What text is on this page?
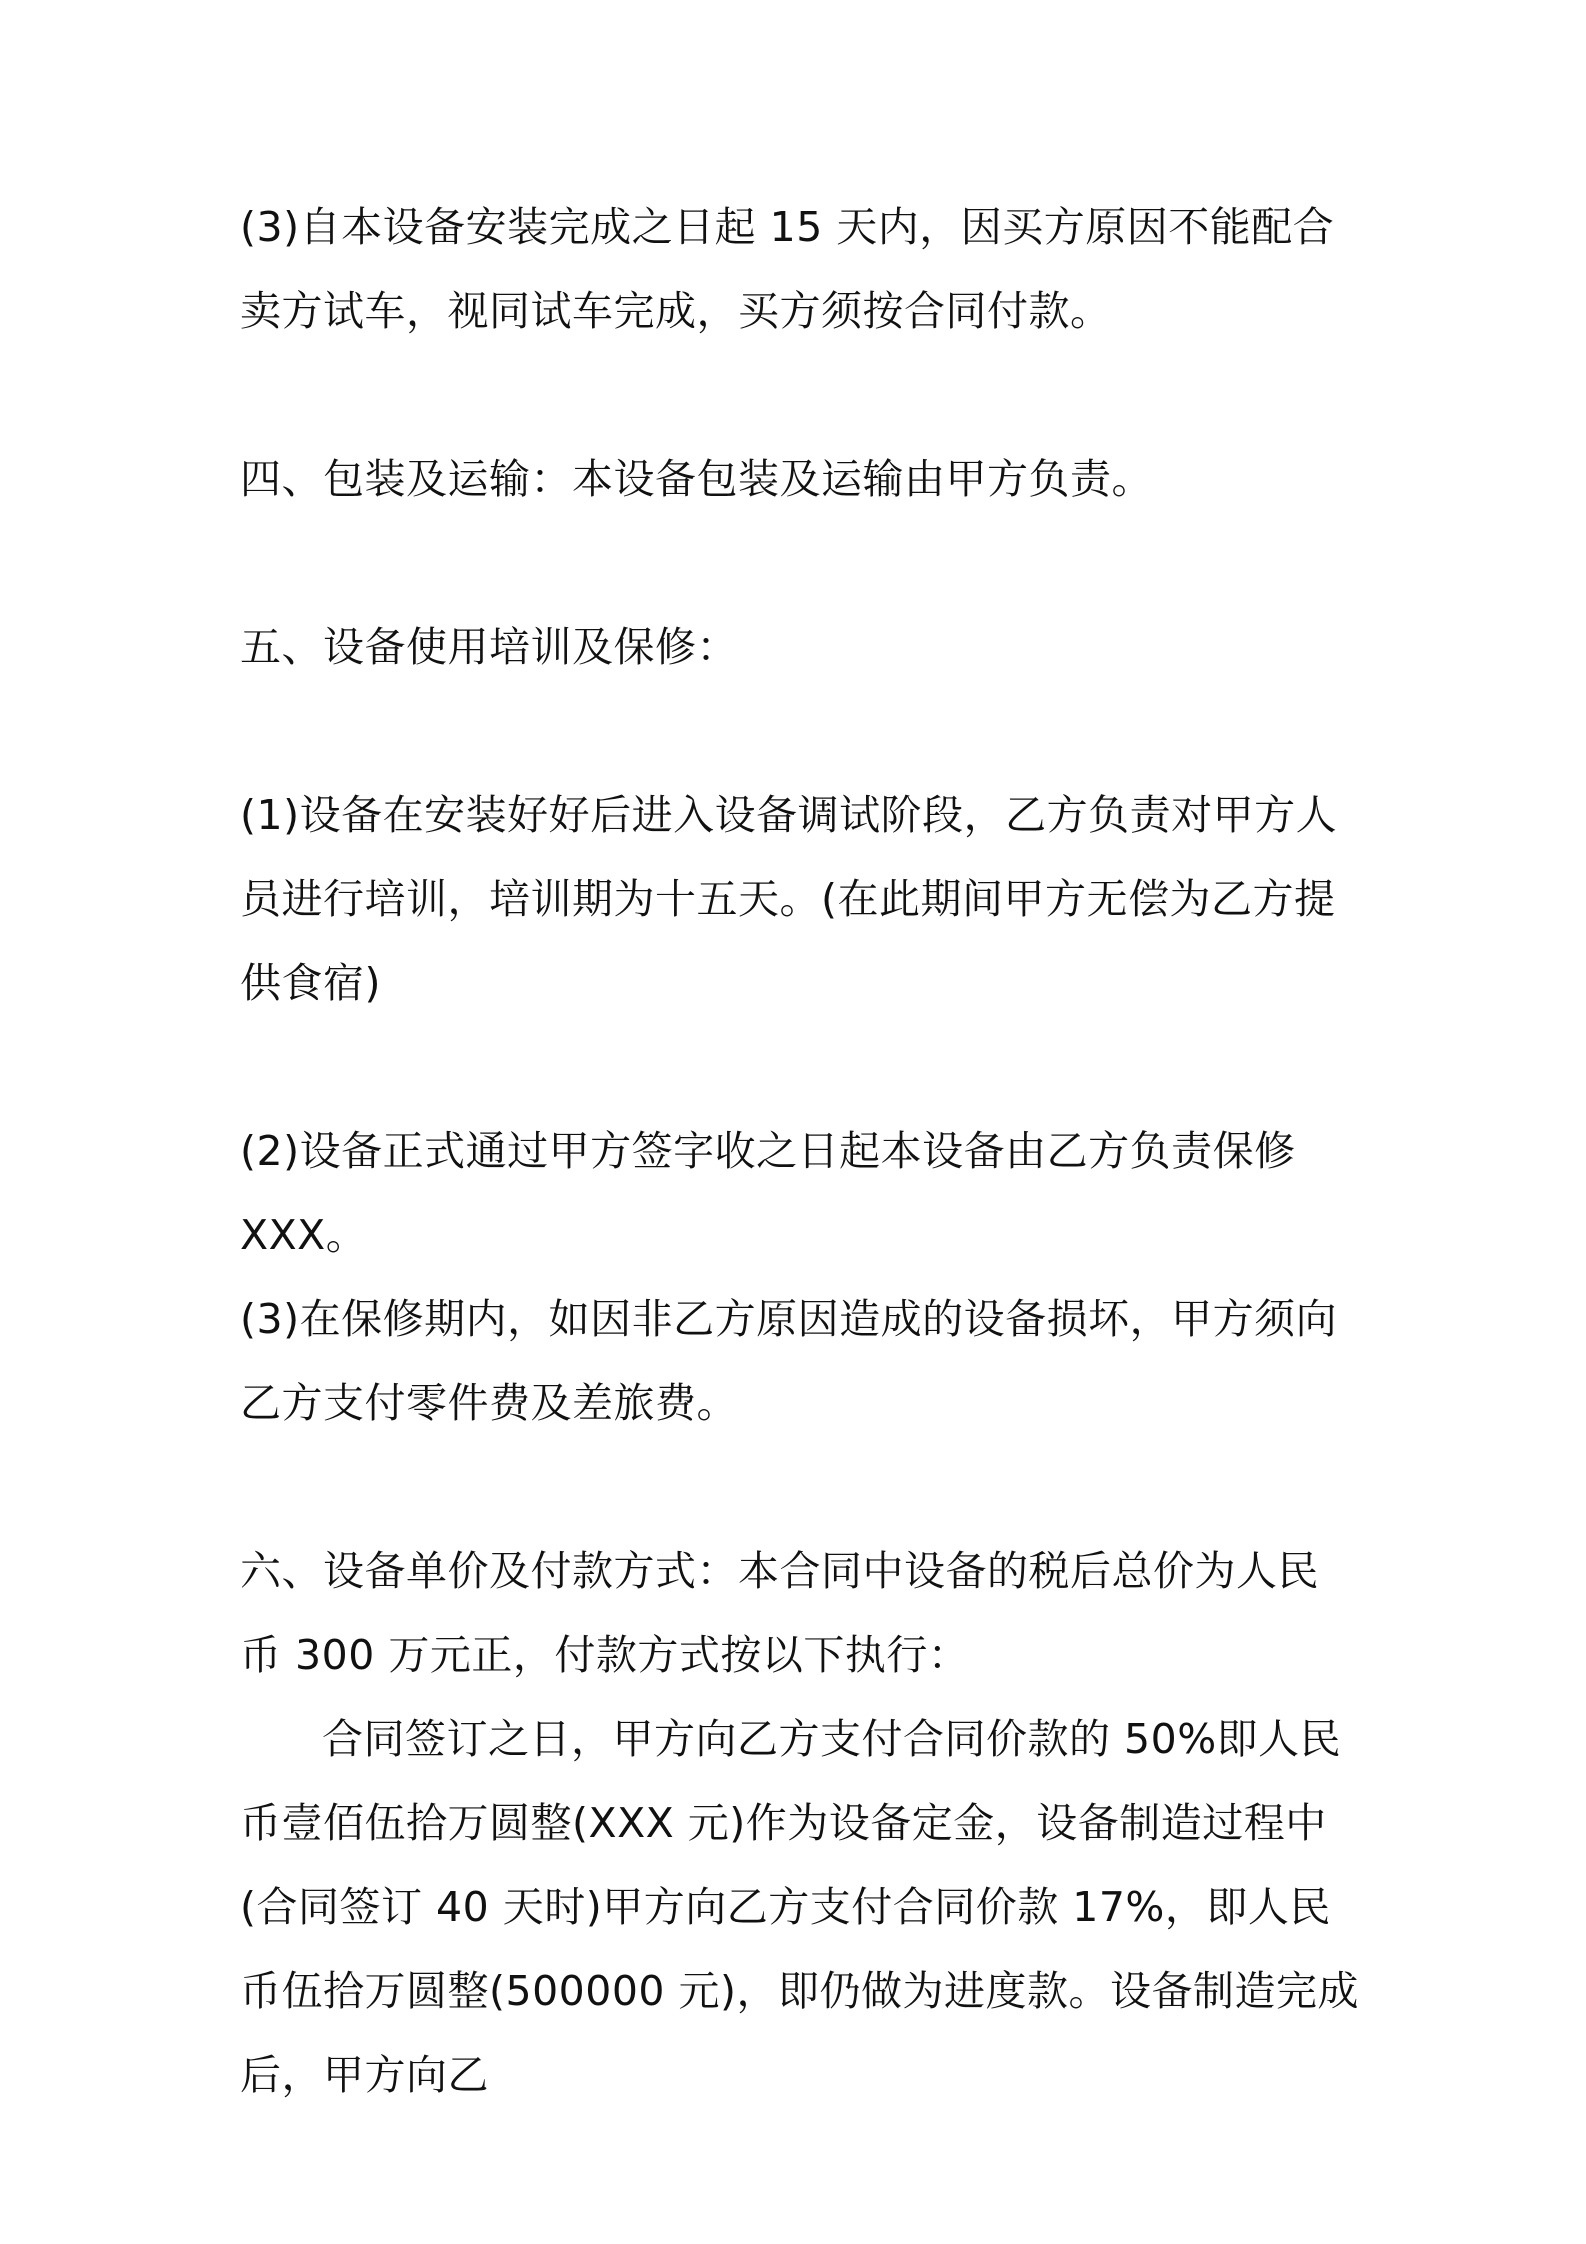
(3)自本设备安装完成之日起 15 天内，因买方原因不能配合卖方试车，视同试车完成，买方须按合同付款。
四、包装及运输：本设备包装及运输由甲方负责。
五、设备使用培训及保修：
(1)设备在安装好好后进入设备调试阶段，乙方负责对甲方人员进行培训，培训期为十五天。(在此期间甲方无偿为乙方提供食宿)
(2)设备正式通过甲方签字收之日起本设备由乙方负责保修 XXX。
(3)在保修期内，如因非乙方原因造成的设备损坏，甲方须向乙方支付零件费及差旅费。
六、设备单价及付款方式：本合同中设备的税后总价为人民币 300 万元正，付款方式按以下执行：
合同签订之日，甲方向乙方支付合同价款的 50%即人民币壹佰伍拾万圆整(XXX 元)作为设备定金，设备制造过程中(合同签订 40 天时)甲方向乙方支付合同价款 17%，即人民币伍拾万圆整(500000 元)，即仍做为进度款。设备制造完成后，甲方向乙
